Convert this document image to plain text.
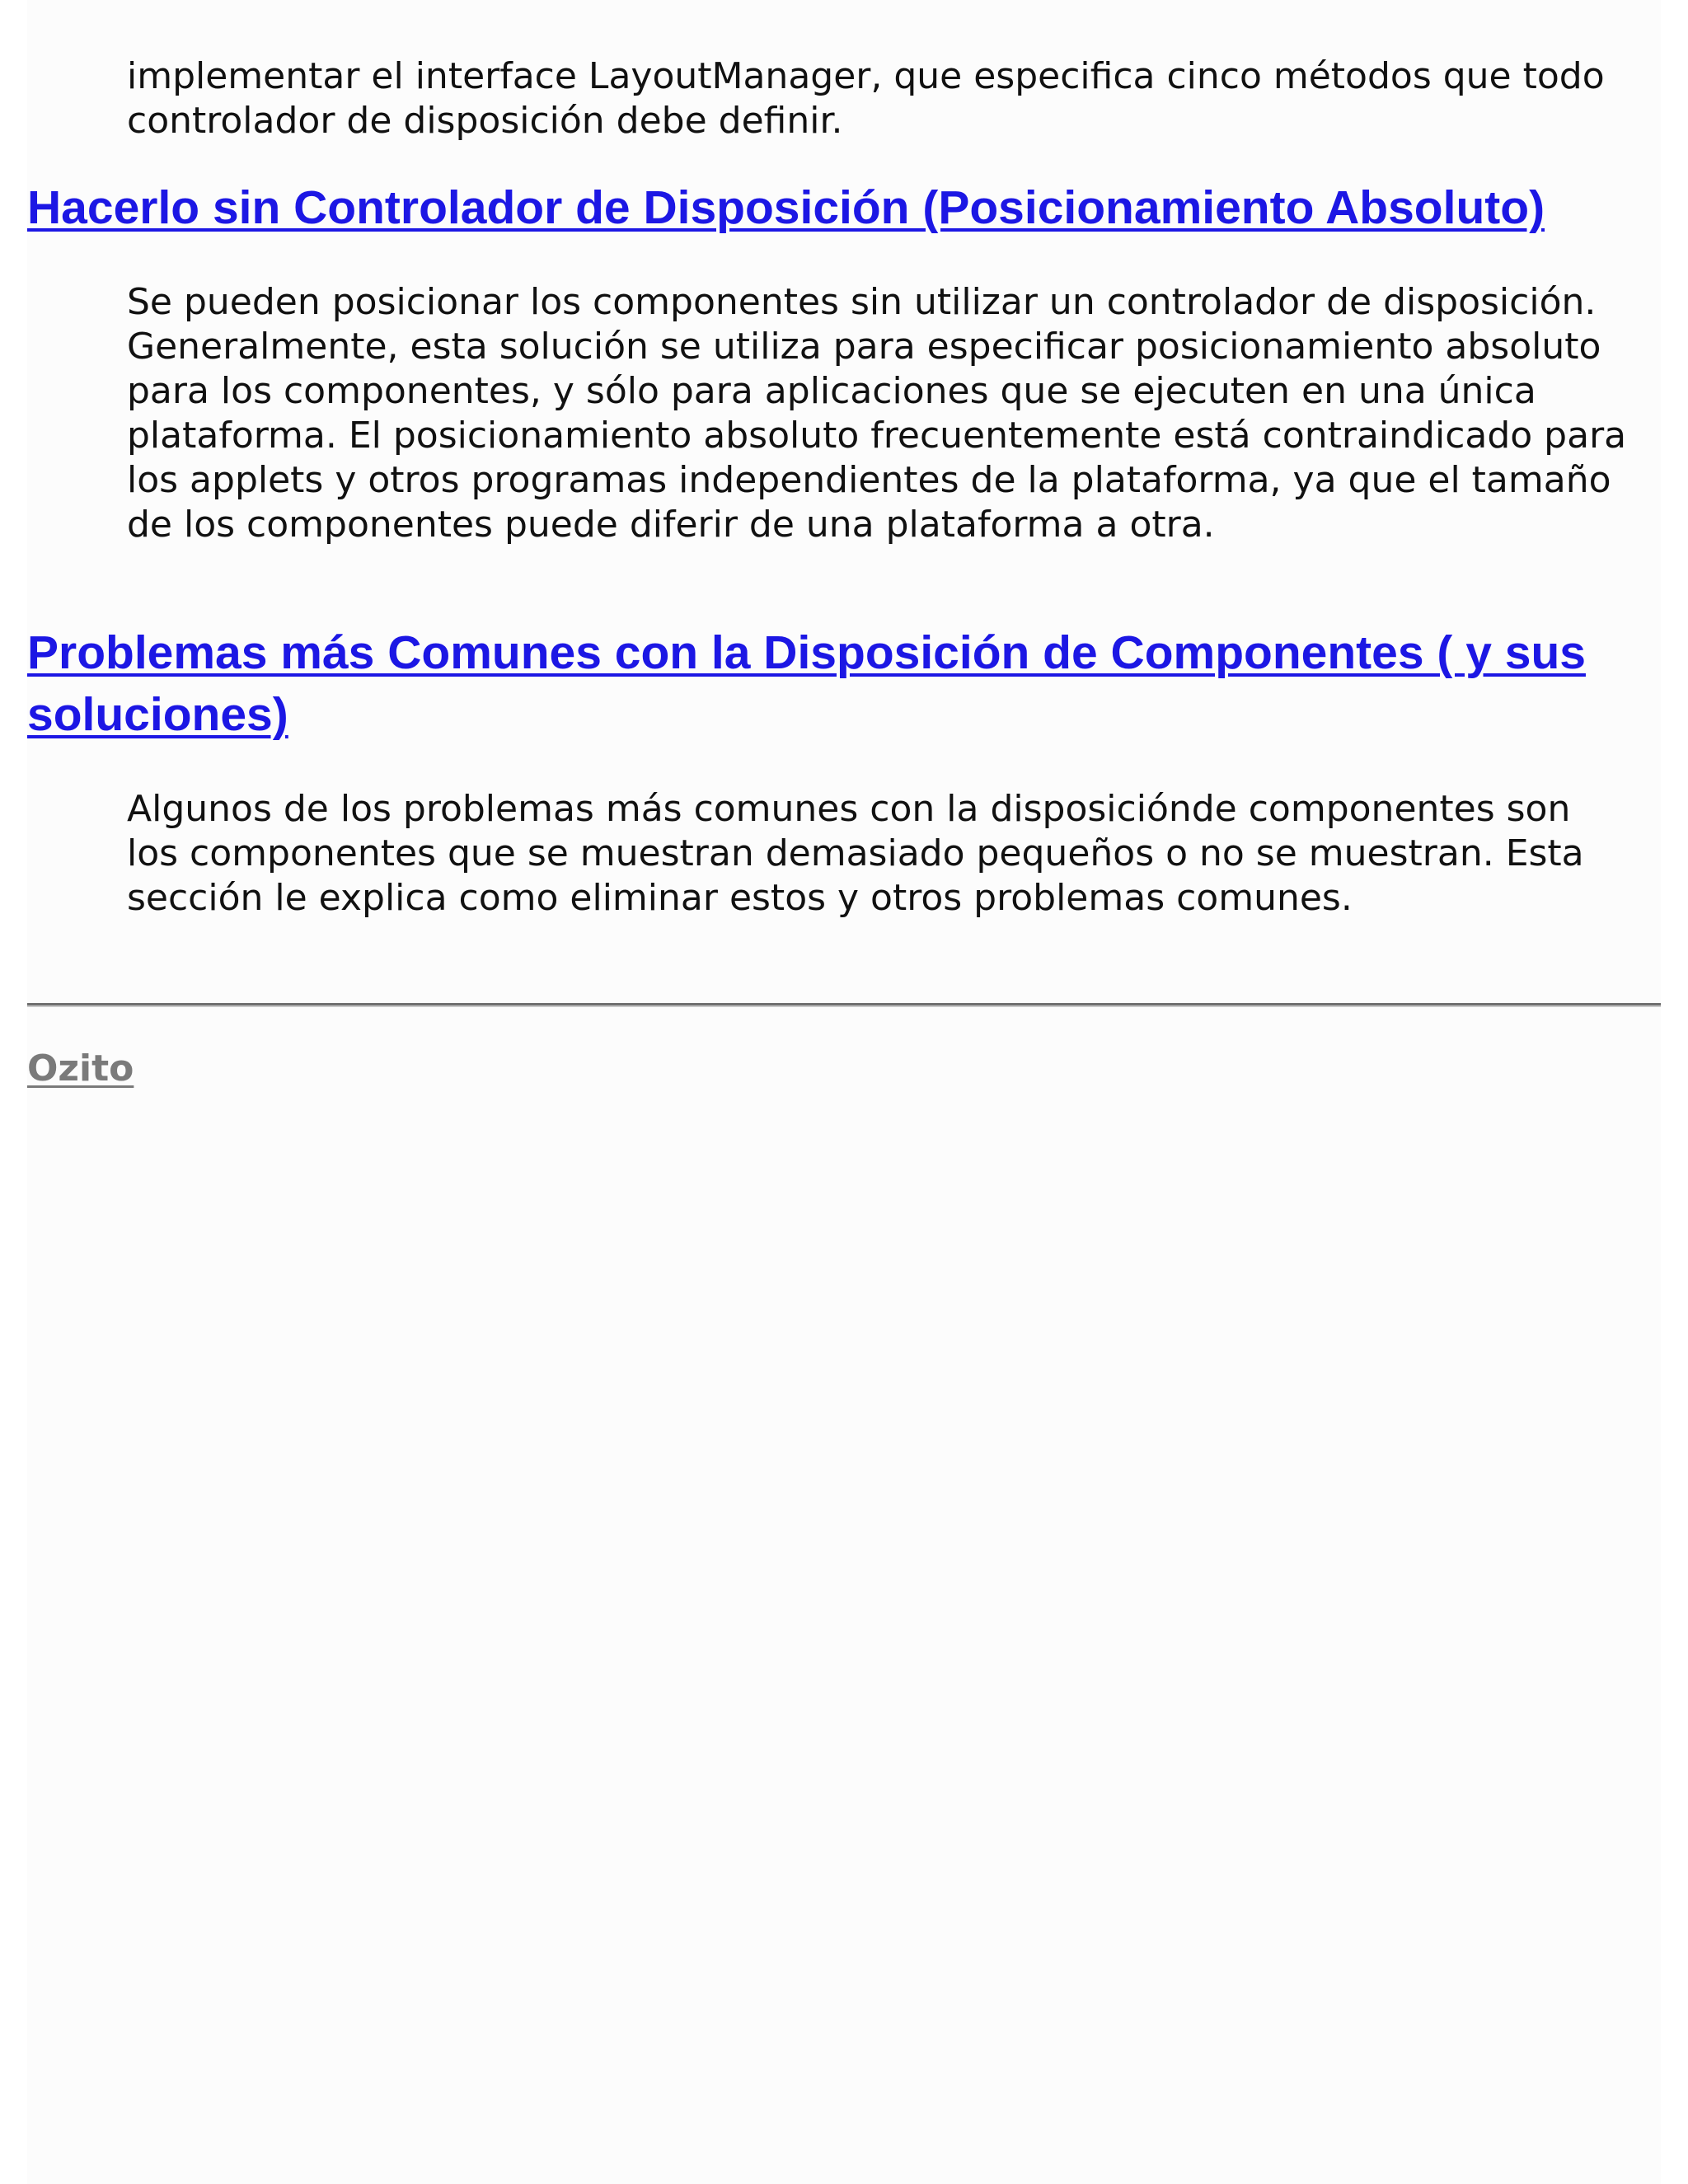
implementar el interface LayoutManager, que especifica cinco métodos que todo controlador de disposición debe definir.

Hacerlo sin Controlador de Disposición (Posicionamiento Absoluto)

Se pueden posicionar los componentes sin utilizar un controlador de disposición. Generalmente, esta solución se utiliza para especificar posicionamiento absoluto para los componentes, y sólo para aplicaciones que se ejecuten en una única plataforma. El posicionamiento absoluto frecuentemente está contraindicado para los applets y otros programas independientes de la plataforma, ya que el tamaño de los componentes puede diferir de una plataforma a otra.

Problemas más Comunes con la Disposición de Componentes ( y sus soluciones)

Algunos de los problemas más comunes con la disposiciónde componentes son los componentes que se muestran demasiado pequeños o no se muestran. Esta sección le explica como eliminar estos y otros problemas comunes.

Ozito
